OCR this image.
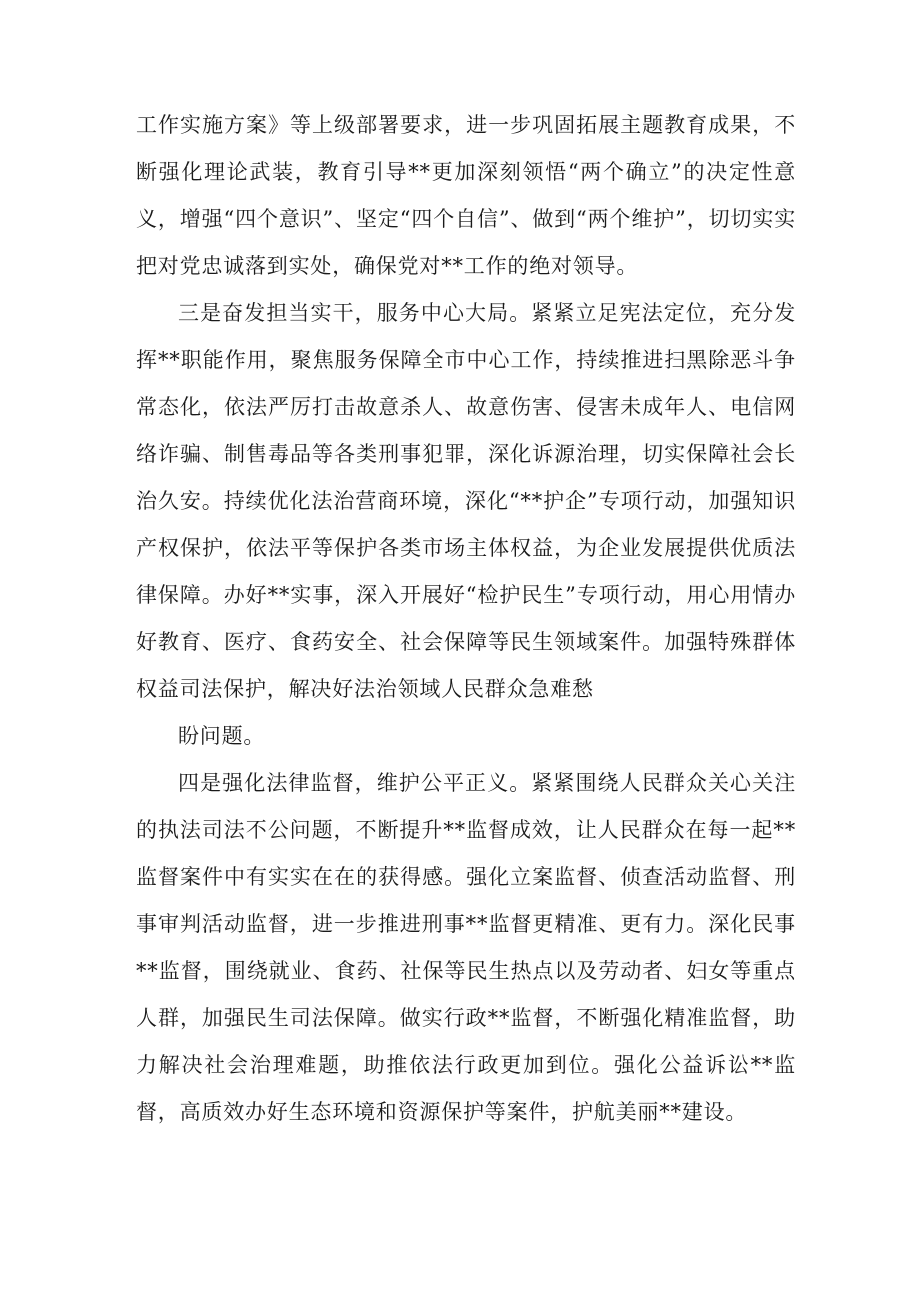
工作实施方案》等上级部署要求，进一步巩固拓展主题教育成果，不断强化理论武装，教育引导**更加深刻领悟“两个确立”的决定性意义，增强“四个意识”、坚定“四个自信”、做到“两个维护”，切切实实把对党忠诚落到实处，确保党对**工作的绝对领导。

三是奋发担当实干，服务中心大局。紧紧立足宪法定位，充分发挥**职能作用，聚焦服务保障全市中心工作，持续推进扫黑除恶斗争常态化，依法严厉打击故意杀人、故意伤害、侵害未成年人、电信网络诈骗、制售毒品等各类刑事犯罪，深化诉源治理，切实保障社会长治久安。持续优化法治营商环境，深化“**护企”专项行动，加强知识产权保护，依法平等保护各类市场主体权益，为企业发展提供优质法律保障。办好**实事，深入开展好“检护民生”专项行动，用心用情办好教育、医疗、食药安全、社会保障等民生领域案件。加强特殊群体权益司法保护，解决好法治领域人民群众急难愁

盼问题。

四是强化法律监督，维护公平正义。紧紧围绕人民群众关心关注的执法司法不公问题，不断提升**监督成效，让人民群众在每一起**监督案件中有实实在在的获得感。强化立案监督、侦查活动监督、刑事审判活动监督，进一步推进刑事**监督更精准、更有力。深化民事**监督，围绕就业、食药、社保等民生热点以及劳动者、妇女等重点人群，加强民生司法保障。做实行政**监督，不断强化精准监督，助力解决社会治理难题，助推依法行政更加到位。强化公益诉讼**监督，高质效办好生态环境和资源保护等案件，护航美丽**建设。
